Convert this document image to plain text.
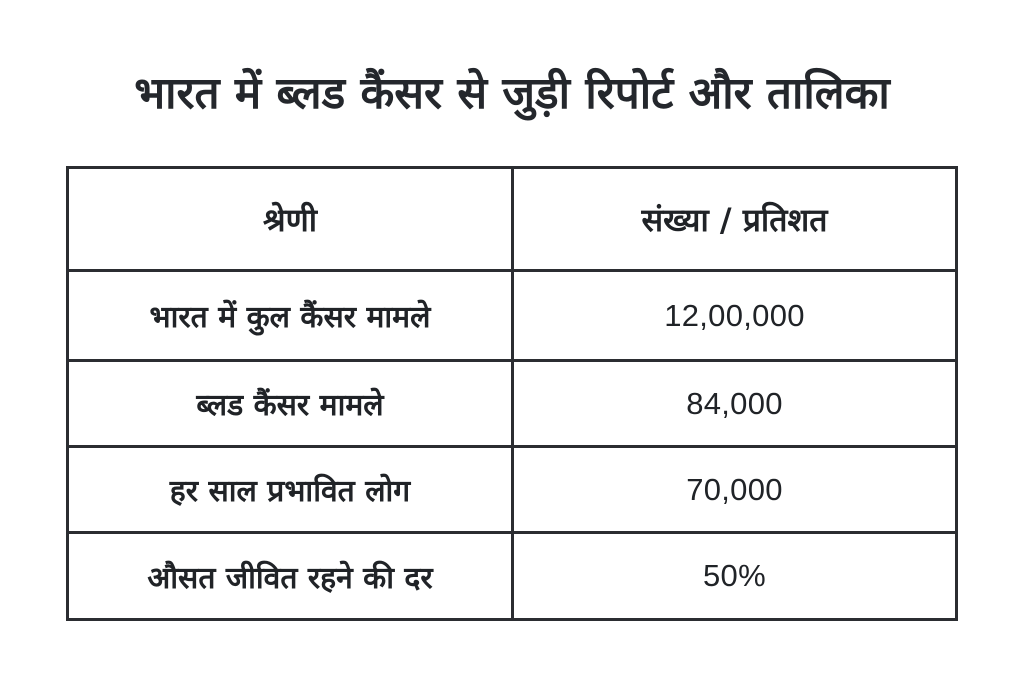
भारत में ब्लड कैंसर से जुड़ी रिपोर्ट और तालिका
श्रेणी	संख्या / प्रतिशत
भारत में कुल कैंसर मामले	12,00,000
ब्लड कैंसर मामले	84,000
हर साल प्रभावित लोग	70,000
औसत जीवित रहने की दर	50%
